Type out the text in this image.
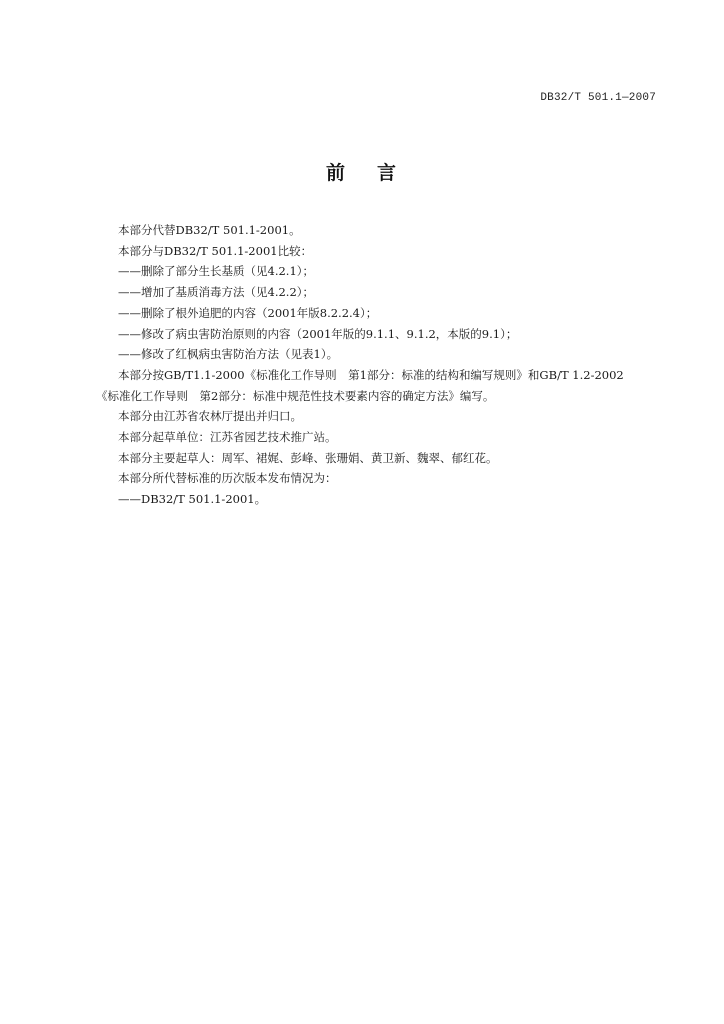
DB32/T 501.1—2007
前 言

本部分代替DB32/T 501.1-2001。

本部分与DB32/T 501.1-2001比较：

——删除了部分生长基质（见4.2.1）；

——增加了基质消毒方法（见4.2.2）；

——删除了根外追肥的内容（2001年版8.2.2.4）；

——修改了病虫害防治原则的内容（2001年版的9.1.1、9.1.2，本版的9.1）；

——修改了红枫病虫害防治方法（见表1）。

本部分按GB/T1.1-2000《标准化工作导则　第1部分：标准的结构和编写规则》和GB/T 1.2-2002

《标准化工作导则　第2部分：标准中规范性技术要素内容的确定方法》编写。

本部分由江苏省农林厅提出并归口。

本部分起草单位：江苏省园艺技术推广站。

本部分主要起草人：周军、裙娓、彭峰、张珊娟、黄卫新、魏翠、郁红花。

本部分所代替标准的历次版本发布情况为：

——DB32/T 501.1-2001。
